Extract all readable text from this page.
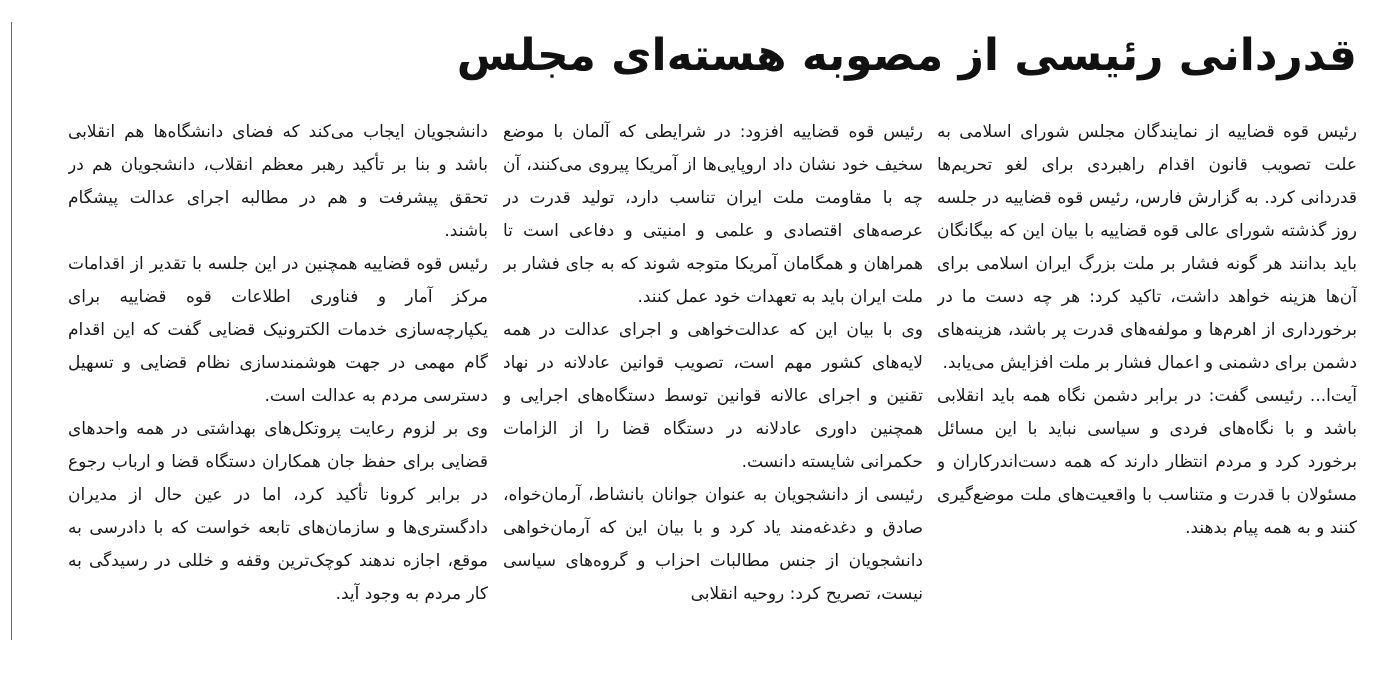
قدردانی رئیسی از مصوبه هسته‌ای مجلس

رئیس قوه قضاییه از نمایندگان مجلس شورای اسلامی به علت تصویب قانون اقدام راهبردی برای لغو تحریم‌ها قدردانی کرد. به گزارش فارس، رئیس قوه قضاییه در جلسه روز گذشته شورای عالی قوه قضاییه با بیان این که بیگانگان باید بدانند هر گونه فشار بر ملت بزرگ ایران اسلامی برای آن‌ها هزینه خواهد داشت، تاکید کرد: هر چه دست ما در برخورداری از اهرم‌ها و مولفه‌های قدرت پر باشد، هزینه‌های دشمن برای دشمنی و اعمال فشار بر ملت افزایش می‌یابد.

آیت‌ا... رئیسی گفت: در برابر دشمن نگاه همه باید انقلابی باشد و با نگاه‌های فردی و سیاسی نباید با این مسائل برخورد کرد و مردم انتظار دارند که همه دست‌اندرکاران و مسئولان با قدرت و متناسب با واقعیت‌های ملت موضع‌گیری کنند و به همه پیام بدهند.

رئیس قوه قضاییه افزود: در شرایطی که آلمان با موضع سخیف خود نشان داد اروپایی‌ها از آمریکا پیروی می‌کنند، آن چه با مقاومت ملت ایران تناسب دارد، تولید قدرت در عرصه‌های اقتصادی و علمی و امنیتی و دفاعی است تا همراهان و همگامان آمریکا متوجه شوند که به جای فشار بر ملت ایران باید به تعهدات خود عمل کنند.

وی با بیان این که عدالت‌خواهی و اجرای عدالت در همه لایه‌های کشور مهم است، تصویب قوانین عادلانه در نهاد تقنین و اجرای عالانه قوانین توسط دستگاه‌های اجرایی و همچنین داوری عادلانه در دستگاه قضا را از الزامات حکمرانی شایسته دانست.

رئیسی از دانشجویان به عنوان جوانان بانشاط، آرمان‌خواه، صادق و دغدغه‌مند یاد کرد و با بیان این که آرمان‌خواهی دانشجویان از جنس مطالبات احزاب و گروه‌های سیاسی نیست، تصریح کرد: روحیه انقلابی

دانشجویان ایجاب می‌کند که فضای دانشگاه‌ها هم انقلابی باشد و بنا بر تأکید رهبر معظم انقلاب، دانشجویان هم در تحقق پیشرفت و هم در مطالبه اجرای عدالت پیشگام باشند.

رئیس قوه قضاییه همچنین در این جلسه با تقدیر از اقدامات مرکز آمار و فناوری اطلاعات قوه قضاییه برای یکپارچه‌سازی خدمات الکترونیک قضایی گفت که این اقدام گام مهمی در جهت هوشمندسازی نظام قضایی و تسهیل دسترسی مردم به عدالت است.

وی بر لزوم رعایت پروتکل‌های بهداشتی در همه واحدهای قضایی برای حفظ جان همکاران دستگاه قضا و ارباب رجوع در برابر کرونا تأکید کرد، اما در عین حال از مدیران دادگستری‌ها و سازمان‌های تابعه خواست که با دادرسی به موقع، اجازه ندهند کوچک‌ترین وقفه و خللی در رسیدگی به کار مردم به وجود آید.
